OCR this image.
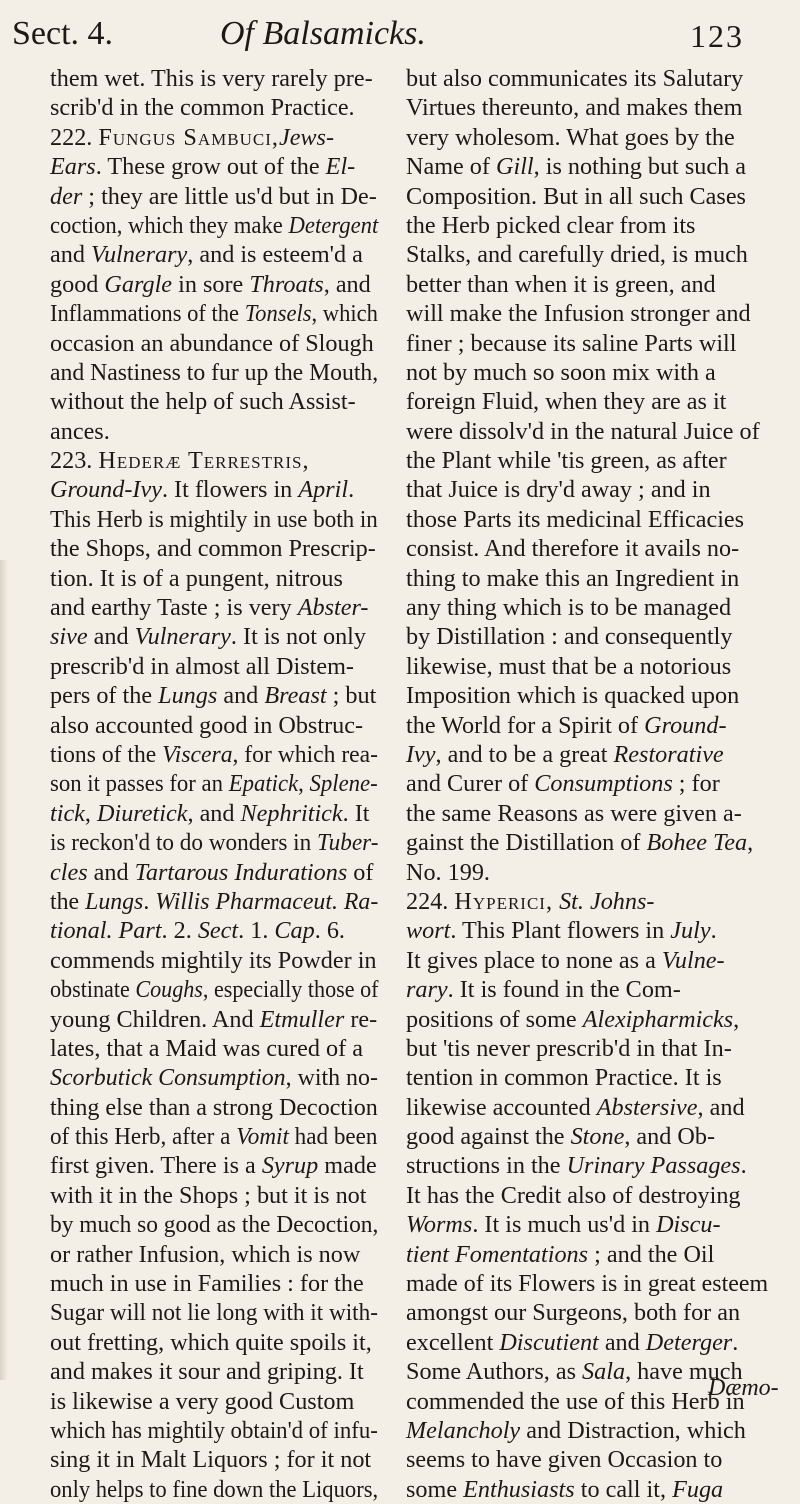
Sect. 4.	Of Balsamicks.	123
them wet. This is very rarely pre-
scrib'd in the common Practice.
222. Fungus Sambuci,Jews-
Ears. These grow out of the El-
der ; they are little us'd but in De-
coction, which they make Detergent
and Vulnerary, and is esteem'd a
good Gargle in sore Throats, and
Inflammations of the Tonsels, which
occasion an abundance of Slough
and Nastiness to fur up the Mouth,
without the help of such Assist-
ances.
223. Hederæ Terrestris,
Ground-Ivy. It flowers in April.
This Herb is mightily in use both in
the Shops, and common Prescrip-
tion. It is of a pungent, nitrous
and earthy Taste ; is very Abster-
sive and Vulnerary. It is not only
prescrib'd in almost all Distem-
pers of the Lungs and Breast ; but
also accounted good in Obstruc-
tions of the Viscera, for which rea-
son it passes for an Epatick, Splene-
tick, Diuretick, and Nephritick. It
is reckon'd to do wonders in Tuber-
cles and Tartarous Indurations of
the Lungs. Willis Pharmaceut. Ra-
tional. Part. 2. Sect. 1. Cap. 6.
commends mightily its Powder in
obstinate Coughs, especially those of
young Children. And Etmuller re-
lates, that a Maid was cured of a
Scorbutick Consumption, with no-
thing else than a strong Decoction
of this Herb, after a Vomit had been
first given. There is a Syrup made
with it in the Shops ; but it is not
by much so good as the Decoction,
or rather Infusion, which is now
much in use in Families : for the
Sugar will not lie long with it with-
out fretting, which quite spoils it,
and makes it sour and griping. It
is likewise a very good Custom
which has mightily obtain'd of infu-
sing it in Malt Liquors ; for it not
only helps to fine down the Liquors,
but also communicates its Salutary
Virtues thereunto, and makes them
very wholesom. What goes by the
Name of Gill, is nothing but such a
Composition. But in all such Cases
the Herb picked clear from its
Stalks, and carefully dried, is much
better than when it is green, and
will make the Infusion stronger and
finer ; because its saline Parts will
not by much so soon mix with a
foreign Fluid, when they are as it
were dissolv'd in the natural Juice of
the Plant while 'tis green, as after
that Juice is dry'd away ; and in
those Parts its medicinal Efficacies
consist. And therefore it avails no-
thing to make this an Ingredient in
any thing which is to be managed
by Distillation : and consequently
likewise, must that be a notorious
Imposition which is quacked upon
the World for a Spirit of Ground-
Ivy, and to be a great Restorative
and Curer of Consumptions ; for
the same Reasons as were given a-
gainst the Distillation of Bohee Tea,
No. 199.
224. Hyperici, St. Johns-
wort. This Plant flowers in July.
It gives place to none as a Vulne-
rary. It is found in the Com-
positions of some Alexipharmicks,
but 'tis never prescrib'd in that In-
tention in common Practice. It is
likewise accounted Abstersive, and
good against the Stone, and Ob-
structions in the Urinary Passages.
It has the Credit also of destroying
Worms. It is much us'd in Discu-
tient Fomentations ; and the Oil
made of its Flowers is in great esteem
amongst our Surgeons, both for an
excellent Discutient and Deterger.
Some Authors, as Sala, have much
commended the use of this Herb in
Melancholy and Distraction, which
seems to have given Occasion to
some Enthusiasts to call it, Fuga
Dæmo-
